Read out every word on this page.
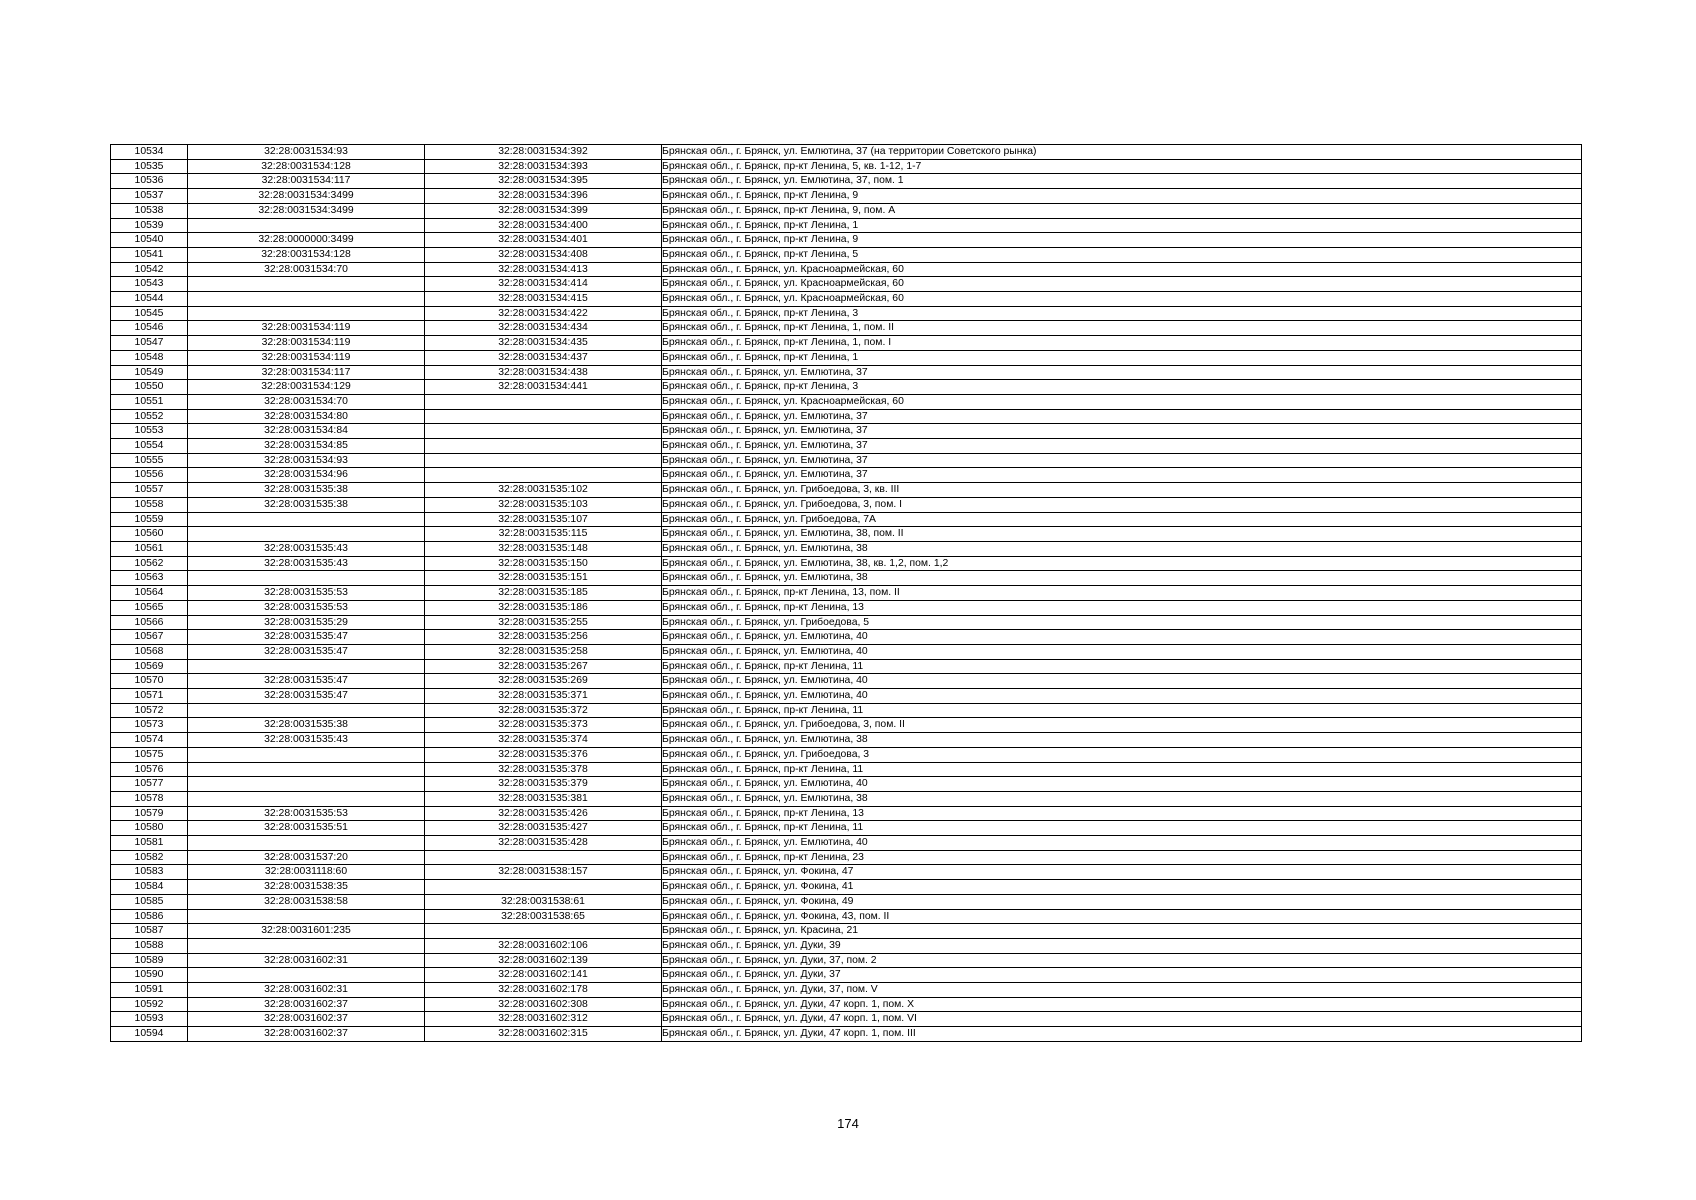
10534	32:28:0031534:93	32:28:0031534:392	Брянская обл., г. Брянск, ул. Емлютина, 37 (на территории Советского рынка)
10535	32:28:0031534:128	32:28:0031534:393	Брянская обл., г. Брянск, пр-кт Ленина, 5, кв. 1-12, 1-7
10536	32:28:0031534:117	32:28:0031534:395	Брянская обл., г. Брянск, ул. Емлютина, 37, пом. 1
10537	32:28:0031534:3499	32:28:0031534:396	Брянская обл., г. Брянск, пр-кт Ленина, 9
10538	32:28:0031534:3499	32:28:0031534:399	Брянская обл., г. Брянск, пр-кт Ленина, 9, пом. А
10539		32:28:0031534:400	Брянская обл., г. Брянск, пр-кт Ленина, 1
10540	32:28:0000000:3499	32:28:0031534:401	Брянская обл., г. Брянск, пр-кт Ленина, 9
10541	32:28:0031534:128	32:28:0031534:408	Брянская обл., г. Брянск, пр-кт Ленина, 5
10542	32:28:0031534:70	32:28:0031534:413	Брянская обл., г. Брянск, ул. Красноармейская, 60
10543		32:28:0031534:414	Брянская обл., г. Брянск, ул. Красноармейская, 60
10544		32:28:0031534:415	Брянская обл., г. Брянск, ул. Красноармейская, 60
10545		32:28:0031534:422	Брянская обл., г. Брянск, пр-кт Ленина, 3
10546	32:28:0031534:119	32:28:0031534:434	Брянская обл., г. Брянск, пр-кт Ленина, 1, пом. II
10547	32:28:0031534:119	32:28:0031534:435	Брянская обл., г. Брянск, пр-кт Ленина, 1, пом. I
10548	32:28:0031534:119	32:28:0031534:437	Брянская обл., г. Брянск, пр-кт Ленина, 1
10549	32:28:0031534:117	32:28:0031534:438	Брянская обл., г. Брянск, ул. Емлютина, 37
10550	32:28:0031534:129	32:28:0031534:441	Брянская обл., г. Брянск, пр-кт Ленина, 3
10551	32:28:0031534:70		Брянская обл., г. Брянск, ул. Красноармейская, 60
10552	32:28:0031534:80		Брянская обл., г. Брянск, ул. Емлютина, 37
10553	32:28:0031534:84		Брянская обл., г. Брянск, ул. Емлютина, 37
10554	32:28:0031534:85		Брянская обл., г. Брянск, ул. Емлютина, 37
10555	32:28:0031534:93		Брянская обл., г. Брянск, ул. Емлютина, 37
10556	32:28:0031534:96		Брянская обл., г. Брянск, ул. Емлютина, 37
10557	32:28:0031535:38	32:28:0031535:102	Брянская обл., г. Брянск, ул. Грибоедова, 3, кв. III
10558	32:28:0031535:38	32:28:0031535:103	Брянская обл., г. Брянск, ул. Грибоедова, 3, пом. I
10559		32:28:0031535:107	Брянская обл., г. Брянск, ул. Грибоедова, 7А
10560		32:28:0031535:115	Брянская обл., г. Брянск, ул. Емлютина, 38, пом. II
10561	32:28:0031535:43	32:28:0031535:148	Брянская обл., г. Брянск, ул. Емлютина, 38
10562	32:28:0031535:43	32:28:0031535:150	Брянская обл., г. Брянск, ул. Емлютина, 38, кв. 1,2, пом. 1,2
10563		32:28:0031535:151	Брянская обл., г. Брянск, ул. Емлютина, 38
10564	32:28:0031535:53	32:28:0031535:185	Брянская обл., г. Брянск, пр-кт Ленина, 13, пом. II
10565	32:28:0031535:53	32:28:0031535:186	Брянская обл., г. Брянск, пр-кт Ленина, 13
10566	32:28:0031535:29	32:28:0031535:255	Брянская обл., г. Брянск, ул. Грибоедова, 5
10567	32:28:0031535:47	32:28:0031535:256	Брянская обл., г. Брянск, ул. Емлютина, 40
10568	32:28:0031535:47	32:28:0031535:258	Брянская обл., г. Брянск, ул. Емлютина, 40
10569		32:28:0031535:267	Брянская обл., г. Брянск, пр-кт Ленина, 11
10570	32:28:0031535:47	32:28:0031535:269	Брянская обл., г. Брянск, ул. Емлютина, 40
10571	32:28:0031535:47	32:28:0031535:371	Брянская обл., г. Брянск, ул. Емлютина, 40
10572		32:28:0031535:372	Брянская обл., г. Брянск, пр-кт Ленина, 11
10573	32:28:0031535:38	32:28:0031535:373	Брянская обл., г. Брянск, ул. Грибоедова, 3, пом. II
10574	32:28:0031535:43	32:28:0031535:374	Брянская обл., г. Брянск, ул. Емлютина, 38
10575		32:28:0031535:376	Брянская обл., г. Брянск, ул. Грибоедова, 3
10576		32:28:0031535:378	Брянская обл., г. Брянск, пр-кт Ленина, 11
10577		32:28:0031535:379	Брянская обл., г. Брянск, ул. Емлютина, 40
10578		32:28:0031535:381	Брянская обл., г. Брянск, ул. Емлютина, 38
10579	32:28:0031535:53	32:28:0031535:426	Брянская обл., г. Брянск, пр-кт Ленина, 13
10580	32:28:0031535:51	32:28:0031535:427	Брянская обл., г. Брянск, пр-кт Ленина, 11
10581		32:28:0031535:428	Брянская обл., г. Брянск, ул. Емлютина, 40
10582	32:28:0031537:20		Брянская обл., г. Брянск, пр-кт Ленина, 23
10583	32:28:0031118:60	32:28:0031538:157	Брянская обл., г. Брянск, ул. Фокина, 47
10584	32:28:0031538:35		Брянская обл., г. Брянск, ул. Фокина, 41
10585	32:28:0031538:58	32:28:0031538:61	Брянская обл., г. Брянск, ул. Фокина, 49
10586		32:28:0031538:65	Брянская обл., г. Брянск, ул. Фокина, 43, пом. II
10587	32:28:0031601:235		Брянская обл., г. Брянск, ул. Красина, 21
10588		32:28:0031602:106	Брянская обл., г. Брянск, ул. Дуки, 39
10589	32:28:0031602:31	32:28:0031602:139	Брянская обл., г. Брянск, ул. Дуки, 37, пом. 2
10590		32:28:0031602:141	Брянская обл., г. Брянск, ул. Дуки, 37
10591	32:28:0031602:31	32:28:0031602:178	Брянская обл., г. Брянск, ул. Дуки, 37, пом. V
10592	32:28:0031602:37	32:28:0031602:308	Брянская обл., г. Брянск, ул. Дуки, 47 корп. 1, пом. X
10593	32:28:0031602:37	32:28:0031602:312	Брянская обл., г. Брянск, ул. Дуки, 47 корп. 1, пом. VI
10594	32:28:0031602:37	32:28:0031602:315	Брянская обл., г. Брянск, ул. Дуки, 47 корп. 1, пом. III
174
